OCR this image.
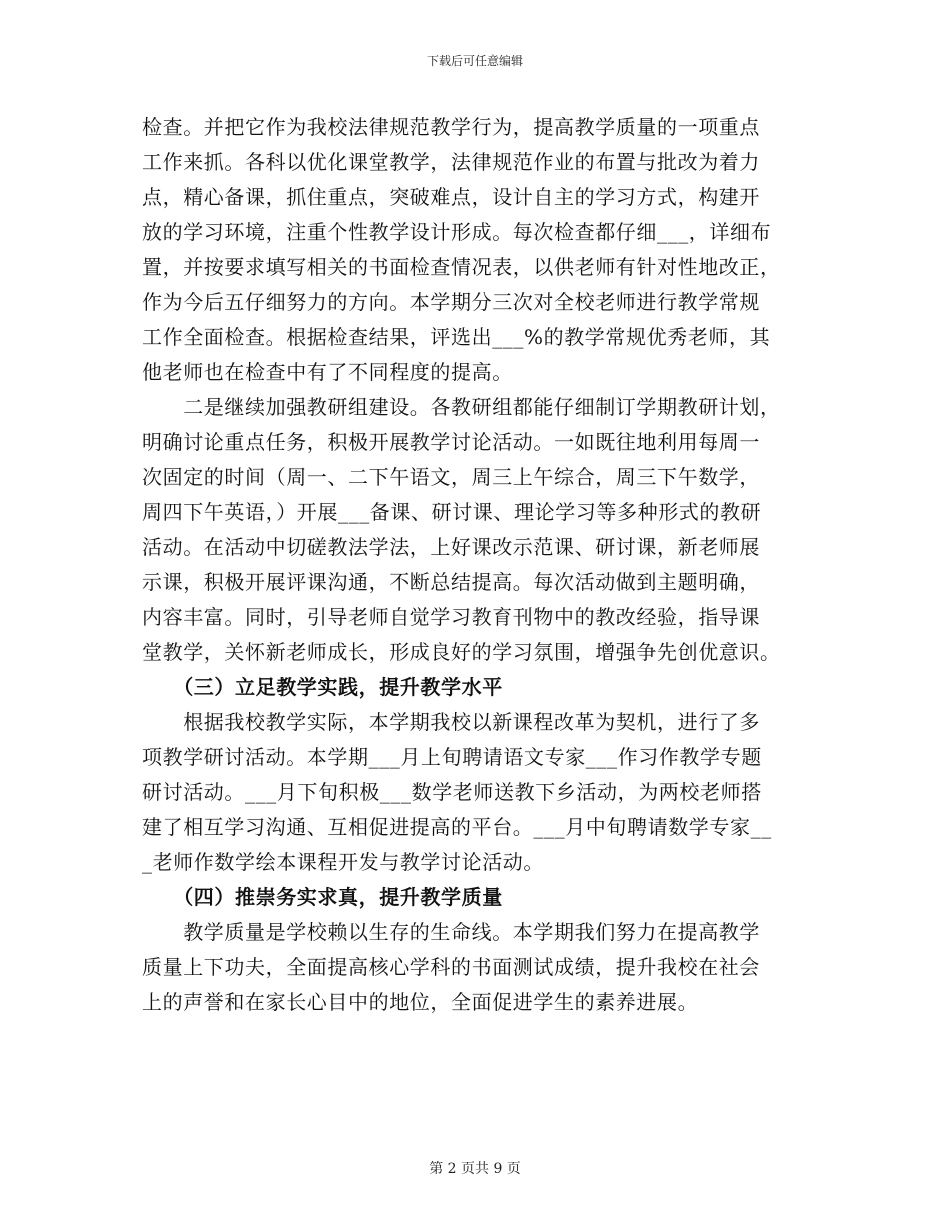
下载后可任意编辑
检查。并把它作为我校法律规范教学行为，提高教学质量的一项重点
工作来抓。各科以优化课堂教学，法律规范作业的布置与批改为着力
点，精心备课，抓住重点，突破难点，设计自主的学习方式，构建开
放的学习环境，注重个性教学设计形成。每次检查都仔细___，详细布
置，并按要求填写相关的书面检查情况表，以供老师有针对性地改正，
作为今后五仔细努力的方向。本学期分三次对全校老师进行教学常规
工作全面检查。根据检查结果，评选出___%的教学常规优秀老师，其
他老师也在检查中有了不同程度的提高。
　　二是继续加强教研组建设。各教研组都能仔细制订学期教研计划，
明确讨论重点任务，积极开展教学讨论活动。一如既往地利用每周一
次固定的时间（周一、二下午语文，周三上午综合，周三下午数学，
周四下午英语，）开展___备课、研讨课、理论学习等多种形式的教研
活动。在活动中切磋教法学法，上好课改示范课、研讨课，新老师展
示课，积极开展评课沟通，不断总结提高。每次活动做到主题明确，
内容丰富。同时，引导老师自觉学习教育刊物中的教改经验，指导课
堂教学，关怀新老师成长，形成良好的学习氛围，增强争先创优意识。
　　（三）立足教学实践，提升教学水平
　　根据我校教学实际，本学期我校以新课程改革为契机，进行了多
项教学研讨活动。本学期___月上旬聘请语文专家___作习作教学专题
研讨活动。___月下旬积极___数学老师送教下乡活动，为两校老师搭
建了相互学习沟通、互相促进提高的平台。___月中旬聘请数学专家__
_老师作数学绘本课程开发与教学讨论活动。
　　（四）推崇务实求真，提升教学质量
　　教学质量是学校赖以生存的生命线。本学期我们努力在提高教学
质量上下功夫，全面提高核心学科的书面测试成绩，提升我校在社会
上的声誉和在家长心目中的地位，全面促进学生的素养进展。
第 2 页共 9 页
